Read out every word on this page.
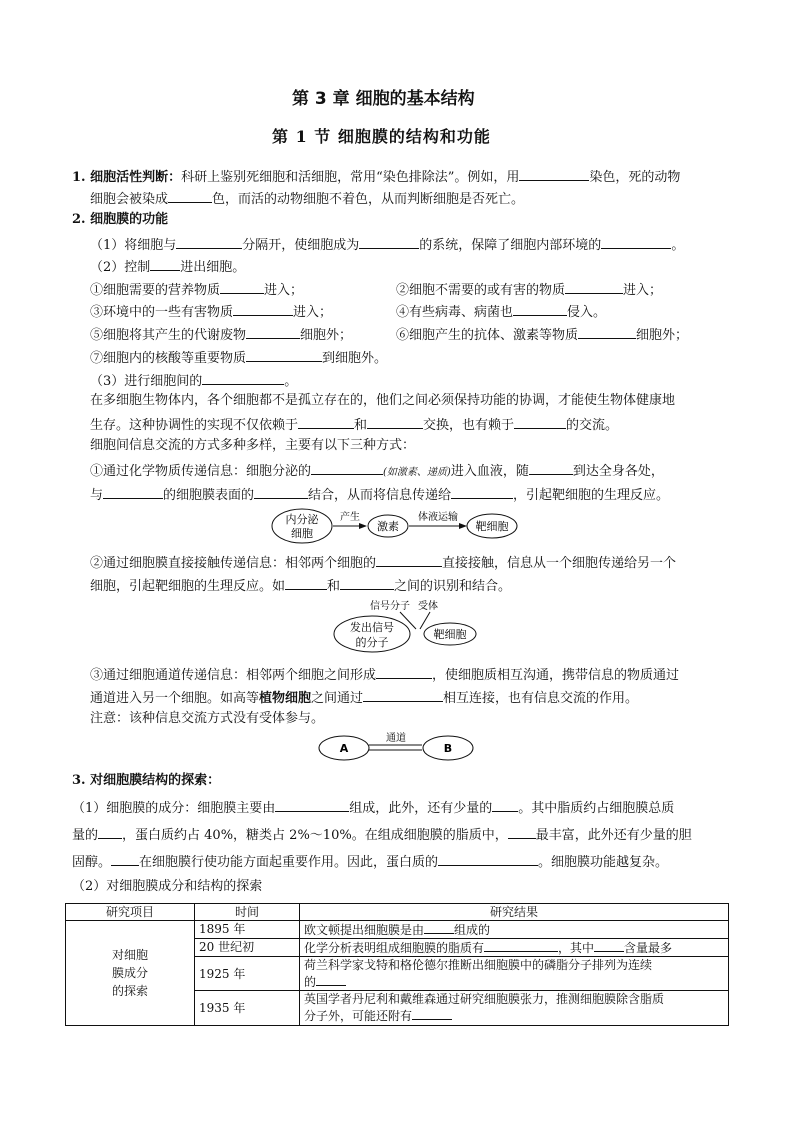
第 3 章 细胞的基本结构
第 1 节 细胞膜的结构和功能
1. 细胞活性判断：科研上鉴别死细胞和活细胞，常用“染色排除法”。例如，用	染色，死的动物
细胞会被染成	色，而活的动物细胞不着色，从而判断细胞是否死亡。
2. 细胞膜的功能
（1）将细胞与	分隔开，使细胞成为	的系统，保障了细胞内部环境的	。
（2）控制 进出细胞。
①细胞需要的营养物质	进入；	②细胞不需要的或有害的物质	进入；
③环境中的一些有害物质	进入；	④有些病毒、病菌也	侵入。
⑤细胞将其产生的代谢废物	细胞外；	⑥细胞产生的抗体、激素等物质	细胞外；
⑦细胞内的核酸等重要物质	到细胞外。
（3）进行细胞间的	。
在多细胞生物体内，各个细胞都不是孤立存在的，他们之间必须保持功能的协调，才能使生物体健康地
生存。这种协调性的实现不仅依赖于	和	交换，也有赖于	的交流。
细胞间信息交流的方式多种多样，主要有以下三种方式：
①通过化学物质传递信息：细胞分泌的	(如激素、递质)进入血液，随	到达全身各处，
与	的细胞膜表面的	结合，从而将信息传递给	，引起靶细胞的生理反应。
内分泌
细胞
产生
激素
体液运输
靶细胞
②通过细胞膜直接接触传递信息：相邻两个细胞的	直接接触，信息从一个细胞传递给另一个
细胞，引起靶细胞的生理反应。如	和	之间的识别和结合。
信号分子 受体
发出信号
的分子
靶细胞
③通过细胞通道传递信息：相邻两个细胞之间形成	，使细胞质相互沟通，携带信息的物质通过
通道进入另一个细胞。如高等植物细胞之间通过	相互连接，也有信息交流的作用。
注意：该种信息交流方式没有受体参与。
A
通道
B
3. 对细胞膜结构的探索：
（1）细胞膜的成分：细胞膜主要由	组成，此外，还有少量的 。其中脂质约占细胞膜总质
量的 ，蛋白质约占 40%，糖类占 2%～10%。在组成细胞膜的脂质中， 最丰富，此外还有少量的胆
固醇。 在细胞膜行使功能方面起重要作用。因此，蛋白质的	。细胞膜功能越复杂。
（2）对细胞膜成分和结构的探索
研究项目	时间	研究结果

对细胞
膜成分
的探索	1895 年	欧文顿提出细胞膜是由 组成的
	20 世纪初	化学分析表明组成细胞膜的脂质有 ，其中 含量最多
	1925 年	荷兰科学家戈特和格伦德尔推断出细胞膜中的磷脂分子排列为连续
的

	1935 年	英国学者丹尼利和戴维森通过研究细胞膜张力，推测细胞膜除含脂质
分子外，可能还附有
